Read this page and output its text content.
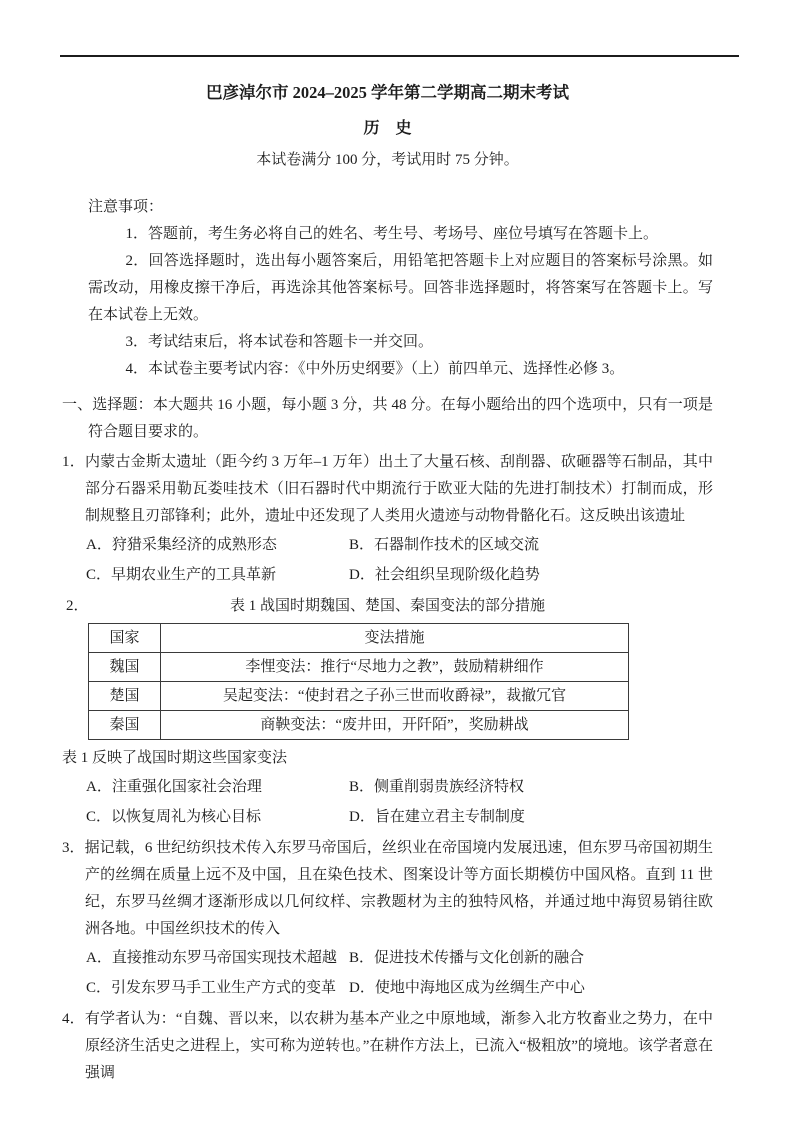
巴彦淖尔市 2024–2025 学年第二学期高二期末考试
历　史

本试卷满分 100 分，考试用时 75 分钟。

注意事项：

1．答题前，考生务必将自己的姓名、考生号、考场号、座位号填写在答题卡上。

2．回答选择题时，选出每小题答案后，用铅笔把答题卡上对应题目的答案标号涂黑。如需改动，用橡皮擦干净后，再选涂其他答案标号。回答非选择题时，将答案写在答题卡上。写在本试卷上无效。

3．考试结束后，将本试卷和答题卡一并交回。

4．本试卷主要考试内容：《中外历史纲要》（上）前四单元、选择性必修 3。

一、选择题：本大题共 16 小题，每小题 3 分，共 48 分。在每小题给出的四个选项中，只有一项是符合题目要求的。

1．内蒙古金斯太遗址（距今约 3 万年–1 万年）出土了大量石核、刮削器、砍砸器等石制品，其中部分石器采用勒瓦娄哇技术（旧石器时代中期流行于欧亚大陆的先进打制技术）打制而成，形制规整且刃部锋利；此外，遗址中还发现了人类用火遗迹与动物骨骼化石。这反映出该遗址

A．狩猎采集经济的成熟形态	B．石器制作技术的区域交流
C．早期农业生产的工具革新	D．社会组织呈现阶级化趋势
2．	表 1 战国时期魏国、楚国、秦国变法的部分措施
国家	变法措施
魏国	李悝变法：推行“尽地力之教”，鼓励精耕细作
楚国	吴起变法：“使封君之子孙三世而收爵禄”，裁撤冗官
秦国	商鞅变法：“废井田，开阡陌”，奖励耕战

表 1 反映了战国时期这些国家变法

A．注重强化国家社会治理	B．侧重削弱贵族经济特权
C．以恢复周礼为核心目标	D．旨在建立君主专制制度

3．据记载，6 世纪纺织技术传入东罗马帝国后，丝织业在帝国境内发展迅速，但东罗马帝国初期生产的丝绸在质量上远不及中国，且在染色技术、图案设计等方面长期模仿中国风格。直到 11 世纪，东罗马丝绸才逐渐形成以几何纹样、宗教题材为主的独特风格，并通过地中海贸易销往欧洲各地。中国丝织技术的传入

A．直接推动东罗马帝国实现技术超越 B．促进技术传播与文化创新的融合
C．引发东罗马手工业生产方式的变革 D．使地中海地区成为丝绸生产中心

4．有学者认为：“自魏、晋以来，以农耕为基本产业之中原地域，渐参入北方牧畜业之势力，在中原经济生活史之进程上，实可称为逆转也。”在耕作方法上，已流入“极粗放”的境地。该学者意在强调
